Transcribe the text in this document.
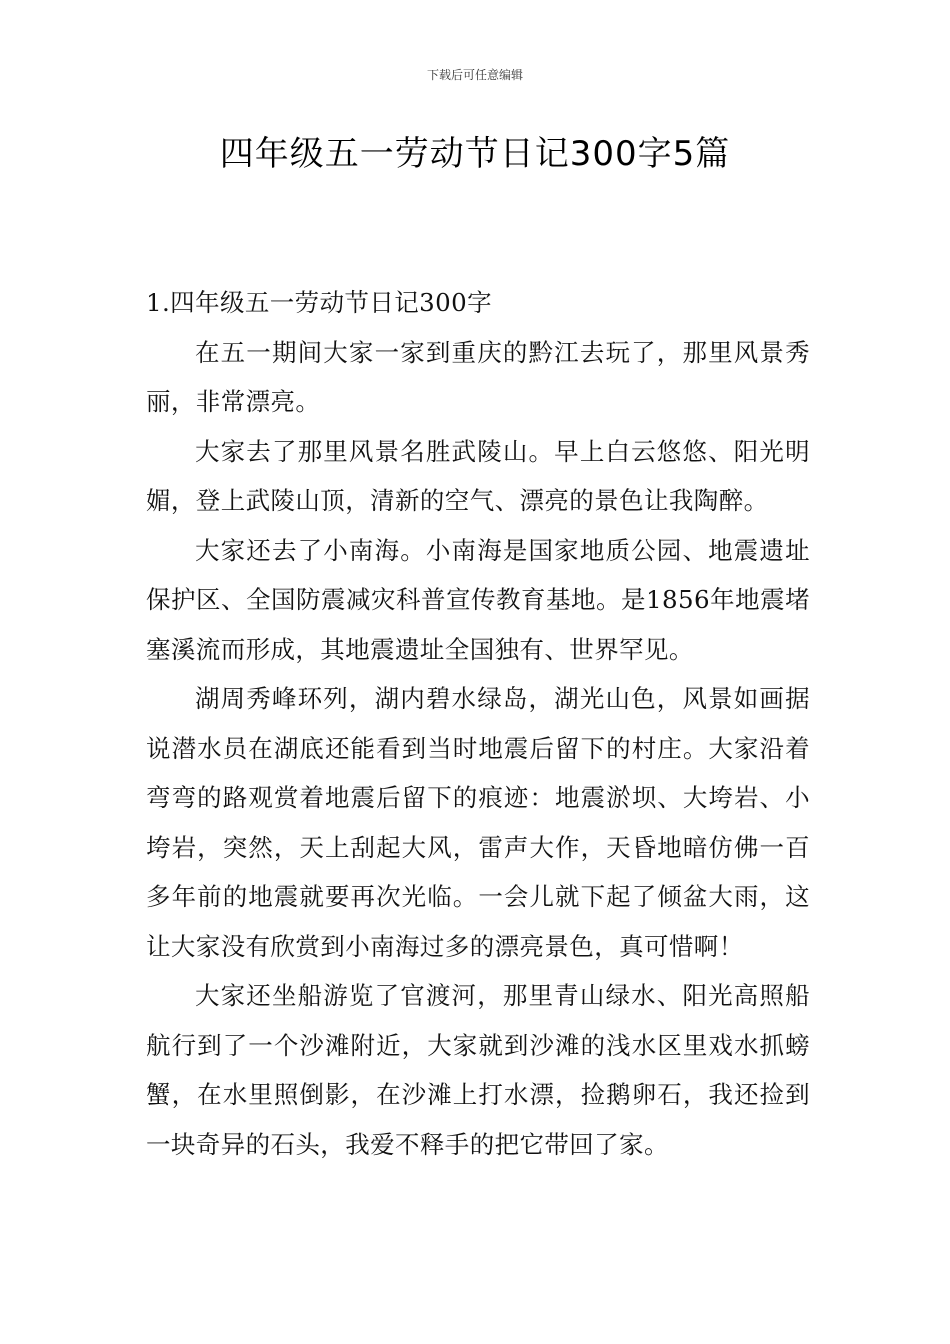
下载后可任意编辑
四年级五一劳动节日记300字5篇

1.四年级五一劳动节日记300字

在五一期间大家一家到重庆的黔江去玩了，那里风景秀丽，非常漂亮。

大家去了那里风景名胜武陵山。早上白云悠悠、阳光明媚，登上武陵山顶，清新的空气、漂亮的景色让我陶醉。

大家还去了小南海。小南海是国家地质公园、地震遗址保护区、全国防震减灾科普宣传教育基地。是1856年地震堵塞溪流而形成，其地震遗址全国独有、世界罕见。

湖周秀峰环列，湖内碧水绿岛，湖光山色，风景如画据说潜水员在湖底还能看到当时地震后留下的村庄。大家沿着弯弯的路观赏着地震后留下的痕迹：地震淤坝、大垮岩、小垮岩，突然，天上刮起大风，雷声大作，天昏地暗仿佛一百多年前的地震就要再次光临。一会儿就下起了倾盆大雨，这让大家没有欣赏到小南海过多的漂亮景色，真可惜啊！

大家还坐船游览了官渡河，那里青山绿水、阳光高照船航行到了一个沙滩附近，大家就到沙滩的浅水区里戏水抓螃蟹，在水里照倒影，在沙滩上打水漂，捡鹅卵石，我还捡到一块奇异的石头，我爱不释手的把它带回了家。
